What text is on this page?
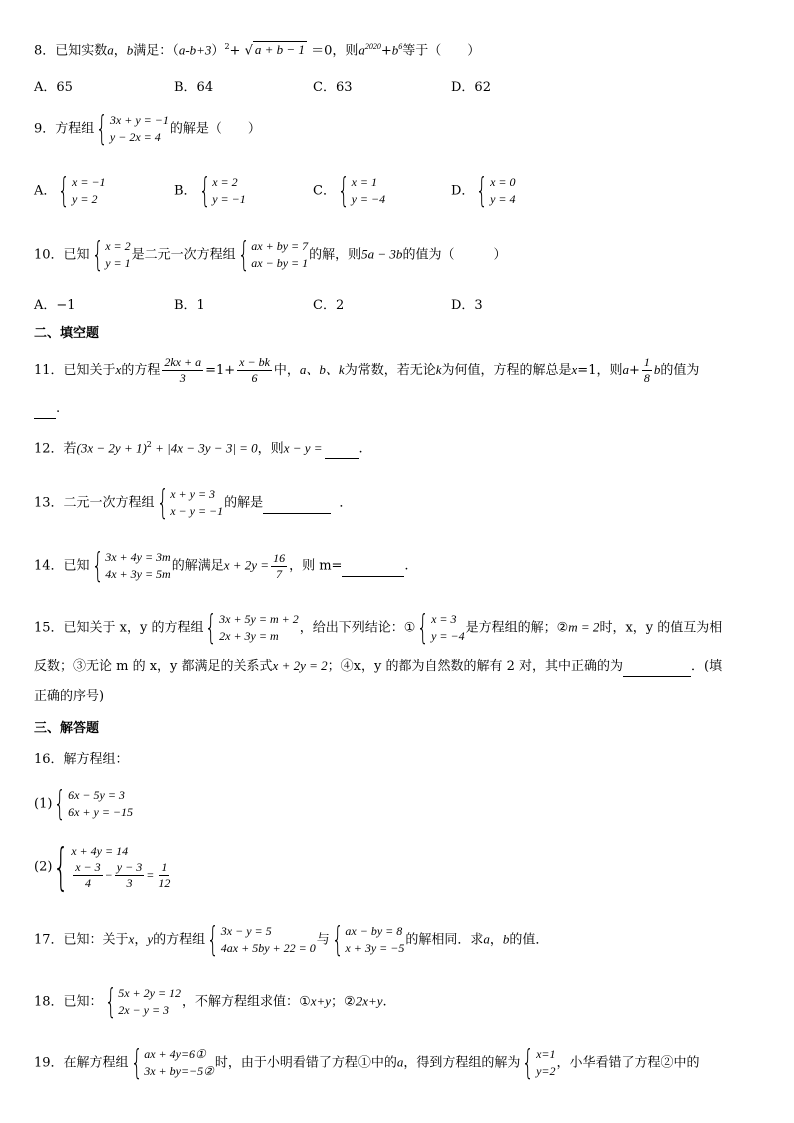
8．已知实数a，b满足：$(a-b+3)^2+$ √ a + b − 1 ＝0，则$a^{2020}+b^6$等于（　　）
A．65	B．64	C．63	D．62
9．方程组 { 3x + y = −1
y − 2x = 4
的解是（　　）
A． { x = −1
y = 2
B． { x = 2
y = −1
C． { x = 1
y = −4
D． { x = 0
y = 4
10．已知 { x = 2
y = 1
是二元一次方程组 { ax + by = 7
ax − by = 1
的解，则5a − 3b的值为（　　　）
A．−1	B．1	C．2	D．3
二、填空题
11．已知关于x的方程 $\frac{2kx + a}{3} =1+ \frac{x - bk}{6}$ 中，a、b、k为常数，若无论k为何值，方程的解总是x=1，则$a+ \frac{1}{8}$ b的值为
.
12．若$(3x - 2y + 1)^2 + |4x - 3y - 3| = 0$，则x − y =	.
13．二元一次方程组 { x + y = 3
x − y = −1
的解是	．
14．已知 { 3x + 4y = 3m
4x + 3y = 5m
的解满足$x + 2y = \frac{16}{7}$ ，则 m=	.
15．已知关于 x，y 的方程组 { 3x + 5y = m + 2
2x + 3y = m
，给出下列结论：① { x = 3
y = −4
是方程组的解；②m = 2时，x，y 的值互为相
反数；③无论 m 的 x，y 都满足的关系式x + 2y = 2；④x，y 的都为自然数的解有 2 对，其中正确的为	．(填
正确的序号)
三、解答题
16．解方程组：
(1) { 6x − 5y = 3
6x + y = −15
(2) { x + 4y = 14
$\frac{x - 3}{4} - \frac{y - 3}{3} = \frac{1}{12}$
17．已知：关于x，y的方程组 { 3x − y = 5
4ax + 5by + 22 = 0
与 { ax − by = 8
x + 3y = −5
的解相同．求a，b的值．
18．已知： { 5x + 2y = 12
2x − y = 3
，不解方程组求值：①x+y；②2x+y.
19．在解方程组 { ax + 4y=6①
3x + by=−5②
时，由于小明看错了方程①中的a，得到方程组的解为 { x=1
y=2
，小华看错了方程②中的
